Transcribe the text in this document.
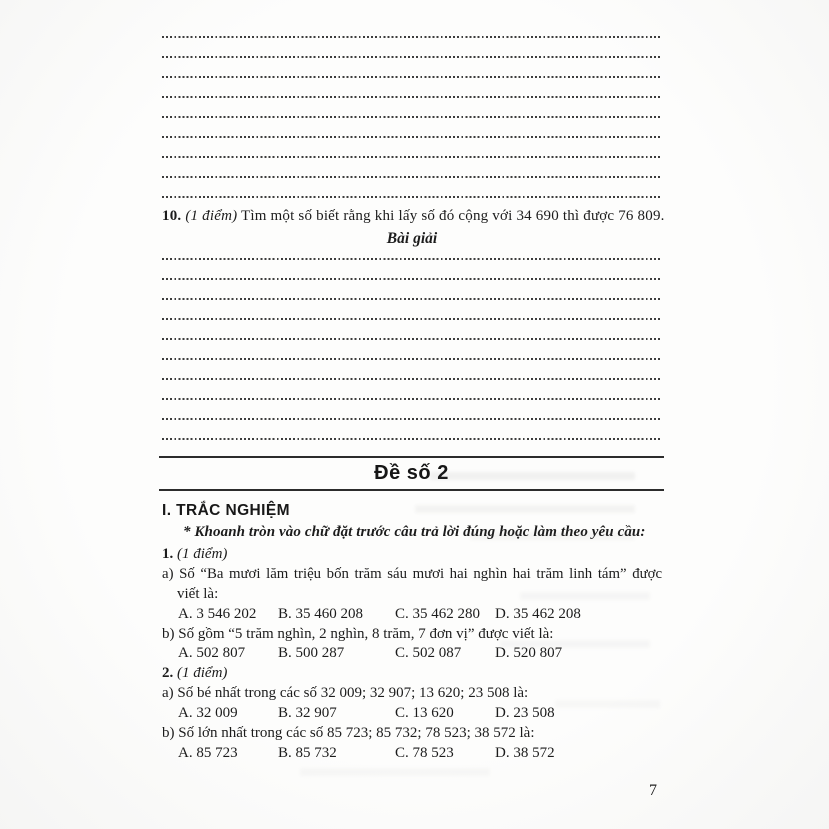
10. (1 điểm) Tìm một số biết rằng khi lấy số đó cộng với 34 690 thì được 76 809.
Bài giải
Đề số 2
I. TRẮC NGHIỆM
* Khoanh tròn vào chữ đặt trước câu trả lời đúng hoặc làm theo yêu cầu:
1. (1 điểm)
a) Số “Ba mươi lăm triệu bốn trăm sáu mươi hai nghìn hai trăm linh tám” được
viết là:
A. 3 546 202	B. 35 460 208	C. 35 462 280 D. 35 462 208
b) Số gồm “5 trăm nghìn, 2 nghìn, 8 trăm, 7 đơn vị” được viết là:
A. 502 807	B. 500 287	C. 502 087	D. 520 807
2. (1 điểm)
a) Số bé nhất trong các số 32 009; 32 907; 13 620; 23 508 là:
A. 32 009	B. 32 907	C. 13 620	D. 23 508
b) Số lớn nhất trong các số 85 723; 85 732; 78 523; 38 572 là:
A. 85 723	B. 85 732	C. 78 523	D. 38 572
7
